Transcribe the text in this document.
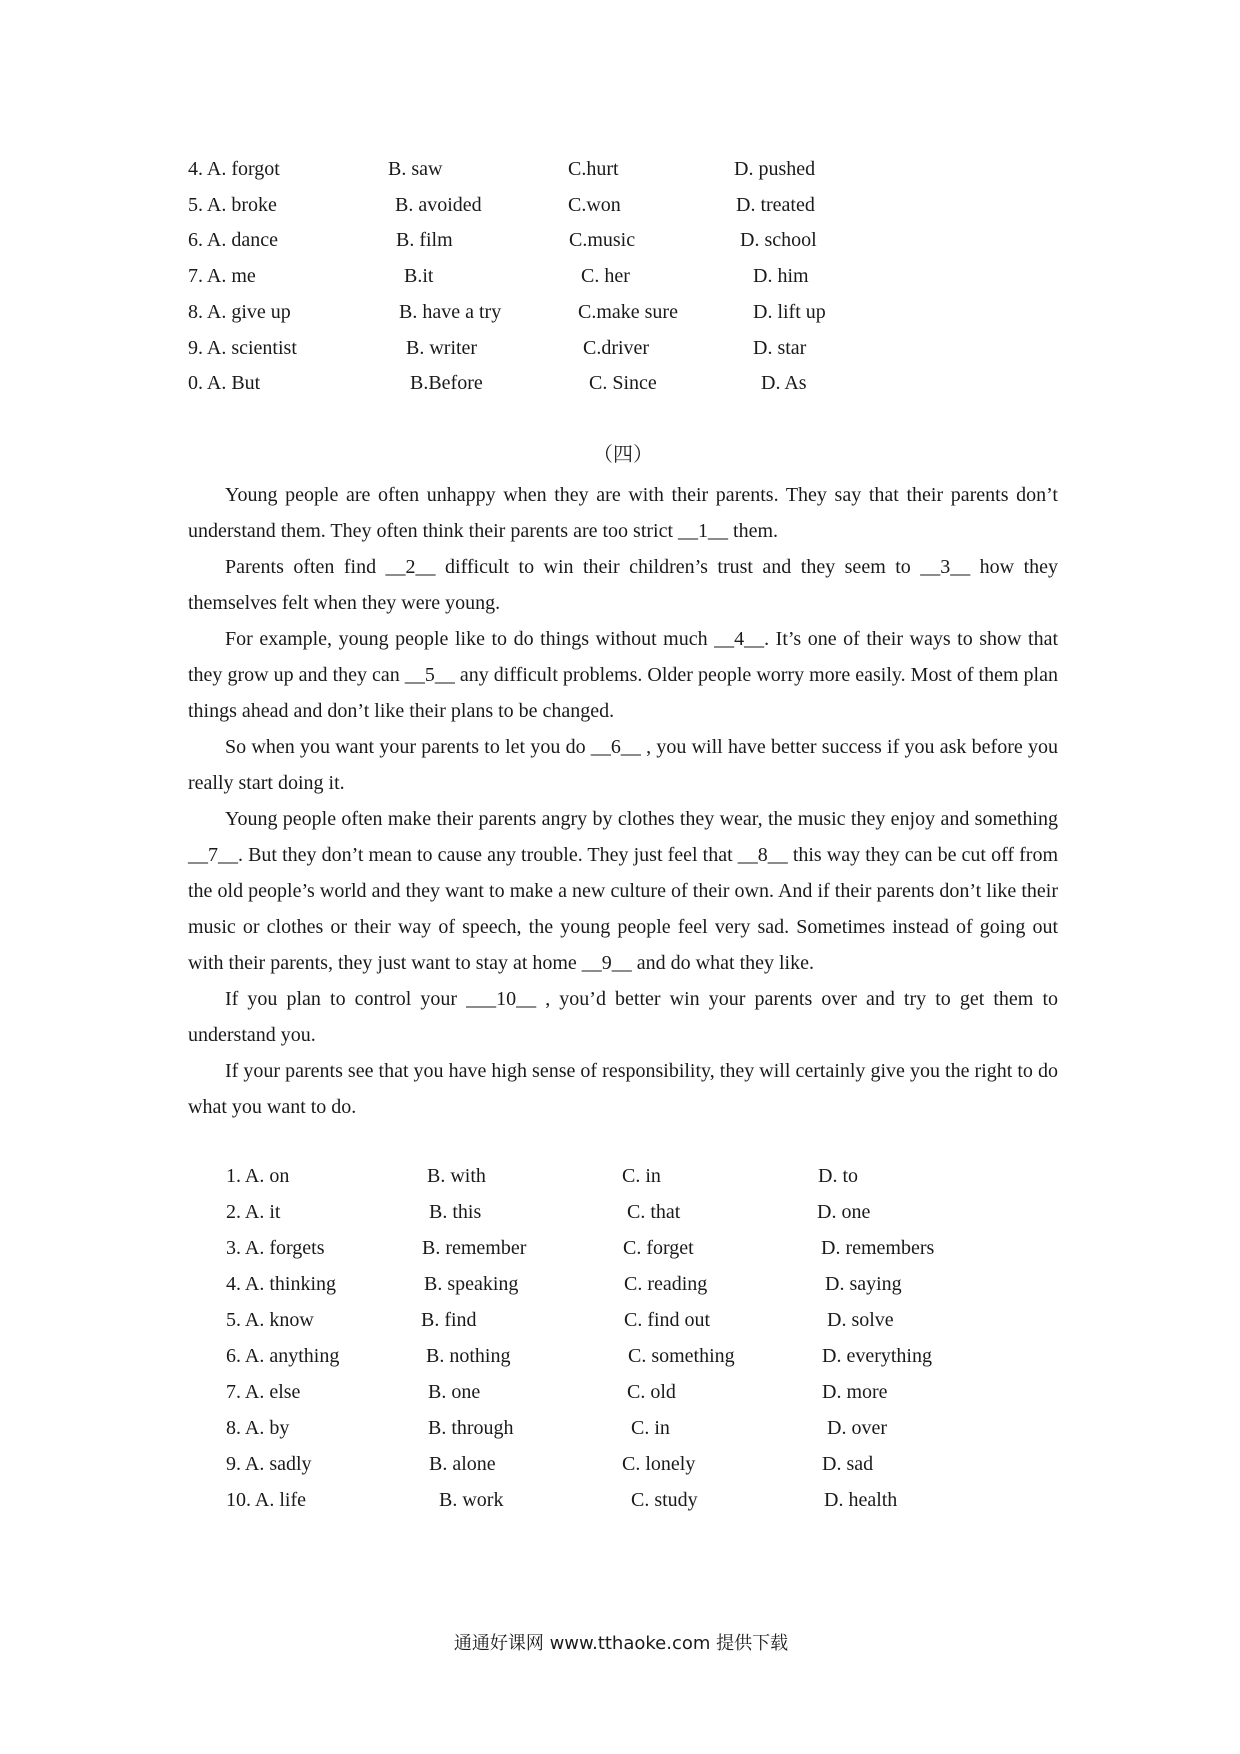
4. A. forgot	B. saw	C.hurt	D. pushed
5. A. broke	B. avoided	C.won	D. treated
6. A. dance	B. film	C.music	D. school
7. A. me	B.it	C. her	D. him
8. A. give up	B. have a try	C.make sure	D. lift up
9. A. scientist	B. writer	C.driver	D. star
0. A. But	B.Before	C. Since	D. As
（四）

Young people are often unhappy when they are with their parents. They say that their parents don’t understand them. They often think their parents are too strict __1__ them.

Parents often find __2__ difficult to win their children’s trust and they seem to __3__ how they themselves felt when they were young.

For example, young people like to do things without much __4__. It’s one of their ways to show that they grow up and they can __5__ any difficult problems. Older people worry more easily. Most of them plan things ahead and don’t like their plans to be changed.

So when you want your parents to let you do __6__ , you will have better success if you ask before you really start doing it.

Young people often make their parents angry by clothes they wear, the music they enjoy and something __7__. But they don’t mean to cause any trouble. They just feel that __8__ this way they can be cut off from the old people’s world and they want to make a new culture of their own. And if their parents don’t like their music or clothes or their way of speech, the young people feel very sad. Sometimes instead of going out with their parents, they just want to stay at home __9__ and do what they like.

If you plan to control your ___10__ , you’d better win your parents over and try to get them to understand you.

If your parents see that you have high sense of responsibility, they will certainly give you the right to do what you want to do.

1. A. on	B. with	C. in	D. to
2. A. it	B. this	C. that	D. one
3. A. forgets	B. remember	C. forget	D. remembers
4. A. thinking	B. speaking	C. reading	D. saying
5. A. know	B. find	C. find out	D. solve
6. A. anything	B. nothing	C. something	D. everything
7. A. else	B. one	C. old	D. more
8. A. by	B. through	C. in	D. over
9. A. sadly	B. alone	C. lonely	D. sad
10. A. life	B. work	C. study	D. health
通通好课网 www.tthaoke.com 提供下载
